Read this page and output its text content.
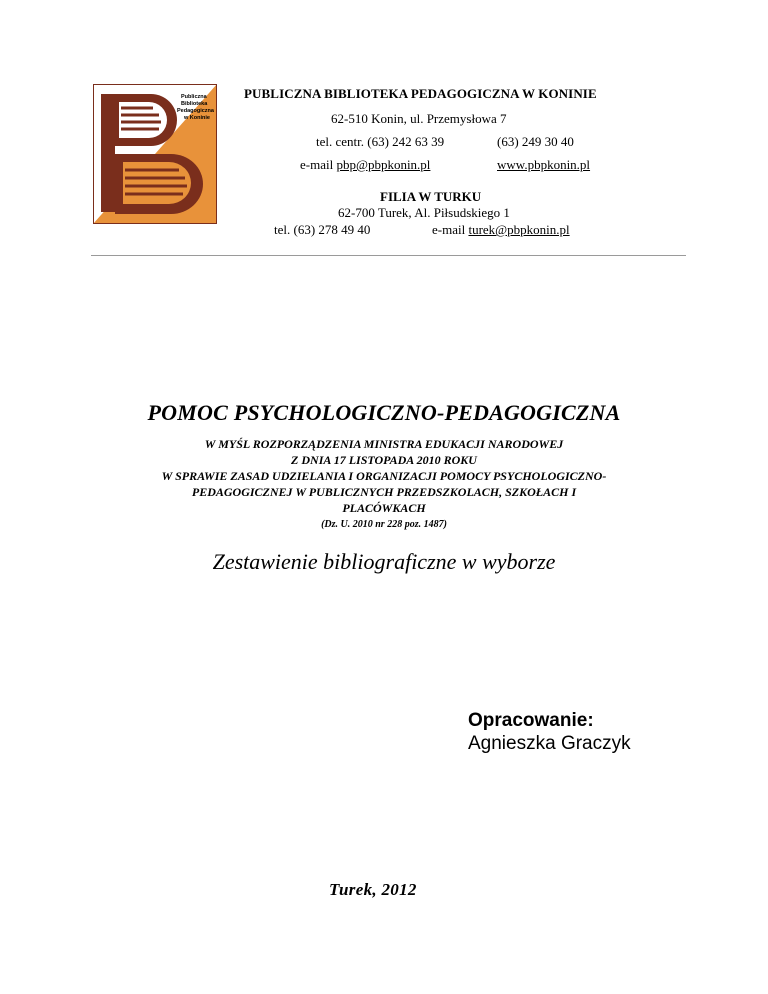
Publiczna
Biblioteka
Pedagogiczna
w Koninie
PUBLICZNA BIBLIOTEKA PEDAGOGICZNA W KONINIE
62-510 Konin, ul. Przemysłowa 7
tel. centr. (63) 242 63 39	(63) 249 30 40
e-mail pbp@pbpkonin.pl	www.pbpkonin.pl
FILIA W TURKU
62-700 Turek, Al. Piłsudskiego 1
tel. (63) 278 49 40	e-mail turek@pbpkonin.pl
POMOC PSYCHOLOGICZNO-PEDAGOGICZNA
W MYŚL ROZPORZĄDZENIA MINISTRA EDUKACJI NARODOWEJ
Z DNIA 17 LISTOPADA 2010 ROKU
W SPRAWIE ZASAD UDZIELANIA I ORGANIZACJI POMOCY PSYCHOLOGICZNO-
PEDAGOGICZNEJ W PUBLICZNYCH PRZEDSZKOLACH, SZKOŁACH I
PLACÓWKACH
(Dz. U. 2010 nr 228 poz. 1487)
Zestawienie bibliograficzne w wyborze
Opracowanie:
Agnieszka Graczyk
Turek, 2012
